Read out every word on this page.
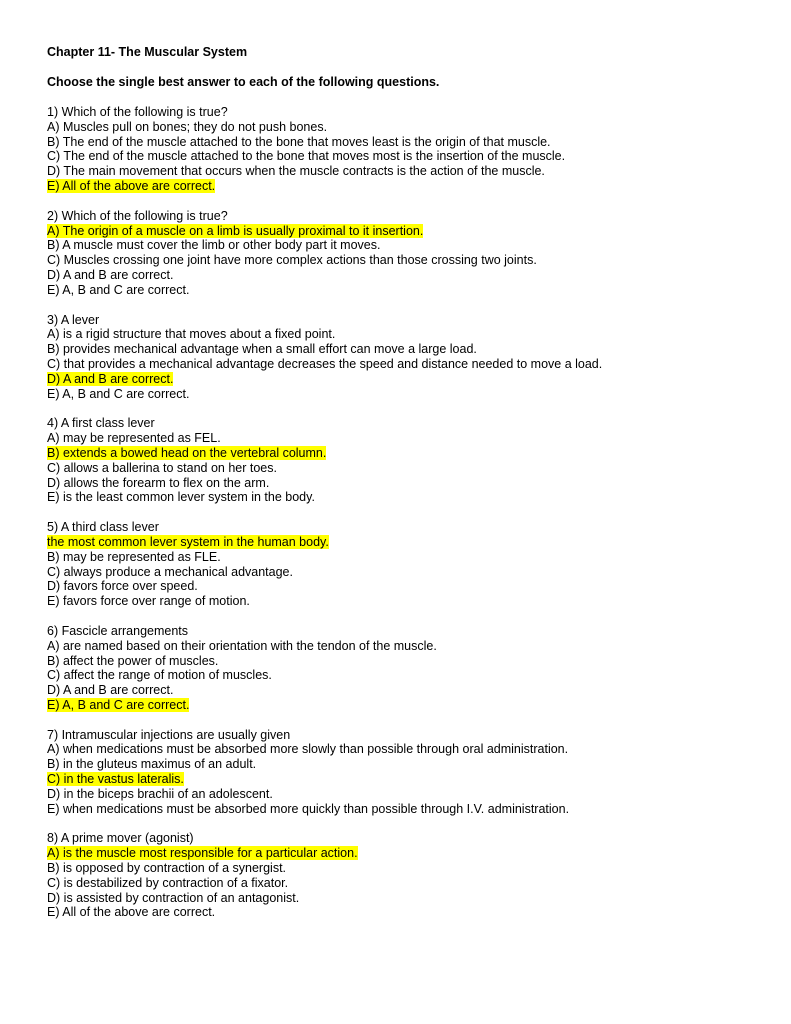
Chapter 11- The Muscular System
Choose the single best answer to each of the following questions.
1) Which of the following is true?
A) Muscles pull on bones; they do not push bones.
B) The end of the muscle attached to the bone that moves least is the origin of that muscle.
C) The end of the muscle attached to the bone that moves most is the insertion of the muscle.
D) The main movement that occurs when the muscle contracts is the action of the muscle.
E) All of the above are correct.
2) Which of the following is true?
A) The origin of a muscle on a limb is usually proximal to it insertion.
B) A muscle must cover the limb or other body part it moves.
C) Muscles crossing one joint have more complex actions than those crossing two joints.
D) A and B are correct.
E) A, B and C are correct.
3) A lever
A) is a rigid structure that moves about a fixed point.
B) provides mechanical advantage when a small effort can move a large load.
C) that provides a mechanical advantage decreases the speed and distance needed to move a load.
D) A and B are correct.
E) A, B and C are correct.
4) A first class lever
A) may be represented as FEL.
B) extends a bowed head on the vertebral column.
C) allows a ballerina to stand on her toes.
D) allows the forearm to flex on the arm.
E) is the least common lever system in the body.
5) A third class lever
the most common lever system in the human body.
B) may be represented as FLE.
C) always produce a mechanical advantage.
D) favors force over speed.
E) favors force over range of motion.
6) Fascicle arrangements
A) are named based on their orientation with the tendon of the muscle.
B) affect the power of muscles.
C) affect the range of motion of muscles.
D) A and B are correct.
E) A, B and C are correct.
7) Intramuscular injections are usually given
A) when medications must be absorbed more slowly than possible through oral administration.
B) in the gluteus maximus of an adult.
C) in the vastus lateralis.
D) in the biceps brachii of an adolescent.
E) when medications must be absorbed more quickly than possible through I.V. administration.
8) A prime mover (agonist)
A) is the muscle most responsible for a particular action.
B) is opposed by contraction of a synergist.
C) is destabilized by contraction of a fixator.
D) is assisted by contraction of an antagonist.
E) All of the above are correct.
